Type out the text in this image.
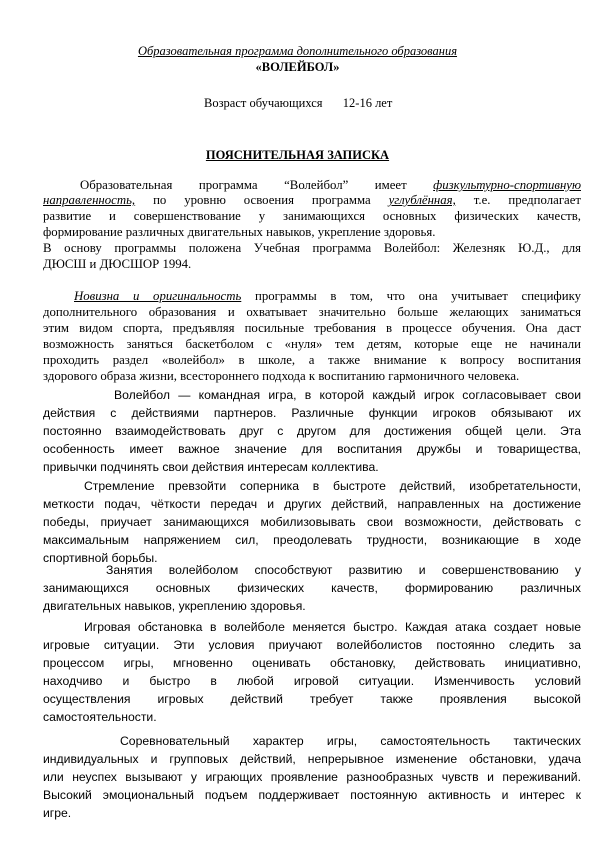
Образовательная программа дополнительного образования
«ВОЛЕЙБОЛ»
Возраст обучающихся 12-16 лет
ПОЯСНИТЕЛЬНАЯ ЗАПИСКА
Образовательная программа “Волейбол” имеет физкультурно-спортивную
направленность, по уровню освоения программа углублённая, т.е. предполагает
развитие и совершенствование у занимающихся основных физических качеств,
формирование различных двигательных навыков, укрепление здоровья.
В основу программы положена Учебная программа Волейбол: Железняк Ю.Д., для
ДЮСШ и ДЮСШОР 1994.
Новизна и оригинальность программы в том, что она учитывает специфику
дополнительного образования и охватывает значительно больше желающих заниматься
этим видом спорта, предъявляя посильные требования в процессе обучения. Она даст
возможность заняться баскетболом с «нуля» тем детям, которые еще не начинали
проходить раздел «волейбол» в школе, а также внимание к вопросу воспитания
здорового образа жизни, всестороннего подхода к воспитанию гармоничного человека.
Волейбол — командная игра, в которой каждый игрок согласовывает свои
действия с действиями партнеров. Различные функции игроков обязывают их
постоянно взаимодействовать друг с другом для достижения общей цели. Эта
особенность имеет важное значение для воспитания дружбы и товарищества,
привычки подчинять свои действия интересам коллектива.
Стремление превзойти соперника в быстроте действий, изобретательности,
меткости подач, чёткости передач и других действий, направленных на достижение
победы, приучает занимающихся мобилизовывать свои возможности, действовать с
максимальным напряжением сил, преодолевать трудности, возникающие в ходе
спортивной борьбы.
Занятия волейболом способствуют развитию и совершенствованию у
занимающихся основных физических качеств, формированию различных
двигательных навыков, укреплению здоровья.
Игровая обстановка в волейболе меняется быстро. Каждая атака создает новые
игровые ситуации. Эти условия приучают волейболистов постоянно следить за
процессом игры, мгновенно оценивать обстановку, действовать инициативно,
находчиво и быстро в любой игровой ситуации. Изменчивость условий
осуществления игровых действий требует также проявления высокой
самостоятельности.
Соревновательный характер игры, самостоятельность тактических
индивидуальных и групповых действий, непрерывное изменение обстановки, удача
или неуспех вызывают у играющих проявление разнообразных чувств и переживаний.
Высокий эмоциональный подъем поддерживает постоянную активность и интерес к
игре.
